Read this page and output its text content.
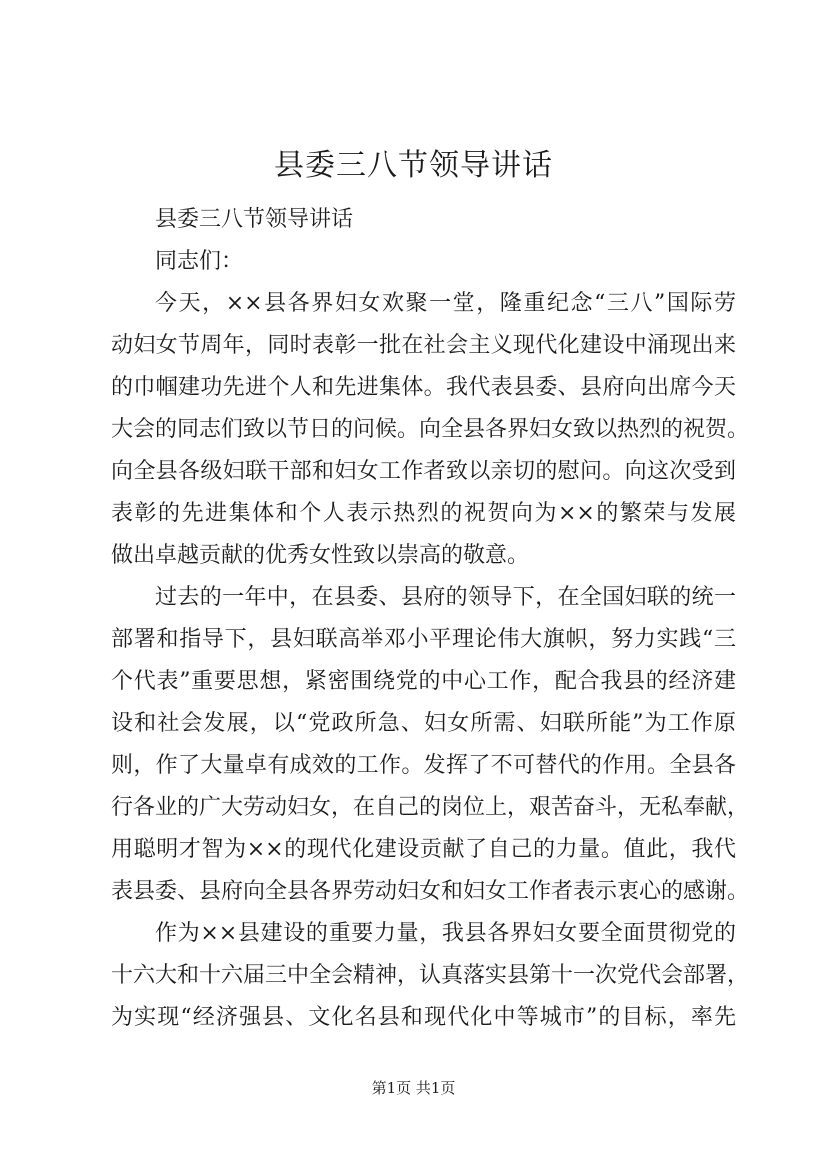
县委三八节领导讲话
县委三八节领导讲话
同志们：
今天，××县各界妇女欢聚一堂，隆重纪念“三八”国际劳
动妇女节周年，同时表彰一批在社会主义现代化建设中涌现出来
的巾帼建功先进个人和先进集体。我代表县委、县府向出席今天
大会的同志们致以节日的问候。向全县各界妇女致以热烈的祝贺。
向全县各级妇联干部和妇女工作者致以亲切的慰问。向这次受到
表彰的先进集体和个人表示热烈的祝贺向为××的繁荣与发展
做出卓越贡献的优秀女性致以崇高的敬意。
过去的一年中，在县委、县府的领导下，在全国妇联的统一
部署和指导下，县妇联高举邓小平理论伟大旗帜，努力实践“三
个代表”重要思想，紧密围绕党的中心工作，配合我县的经济建
设和社会发展，以“党政所急、妇女所需、妇联所能”为工作原
则，作了大量卓有成效的工作。发挥了不可替代的作用。全县各
行各业的广大劳动妇女，在自己的岗位上，艰苦奋斗，无私奉献，
用聪明才智为××的现代化建设贡献了自己的力量。值此，我代
表县委、县府向全县各界劳动妇女和妇女工作者表示衷心的感谢。
作为××县建设的重要力量，我县各界妇女要全面贯彻党的
十六大和十六届三中全会精神，认真落实县第十一次党代会部署，
为实现“经济强县、文化名县和现代化中等城市”的目标，率先
第1页 共1页
